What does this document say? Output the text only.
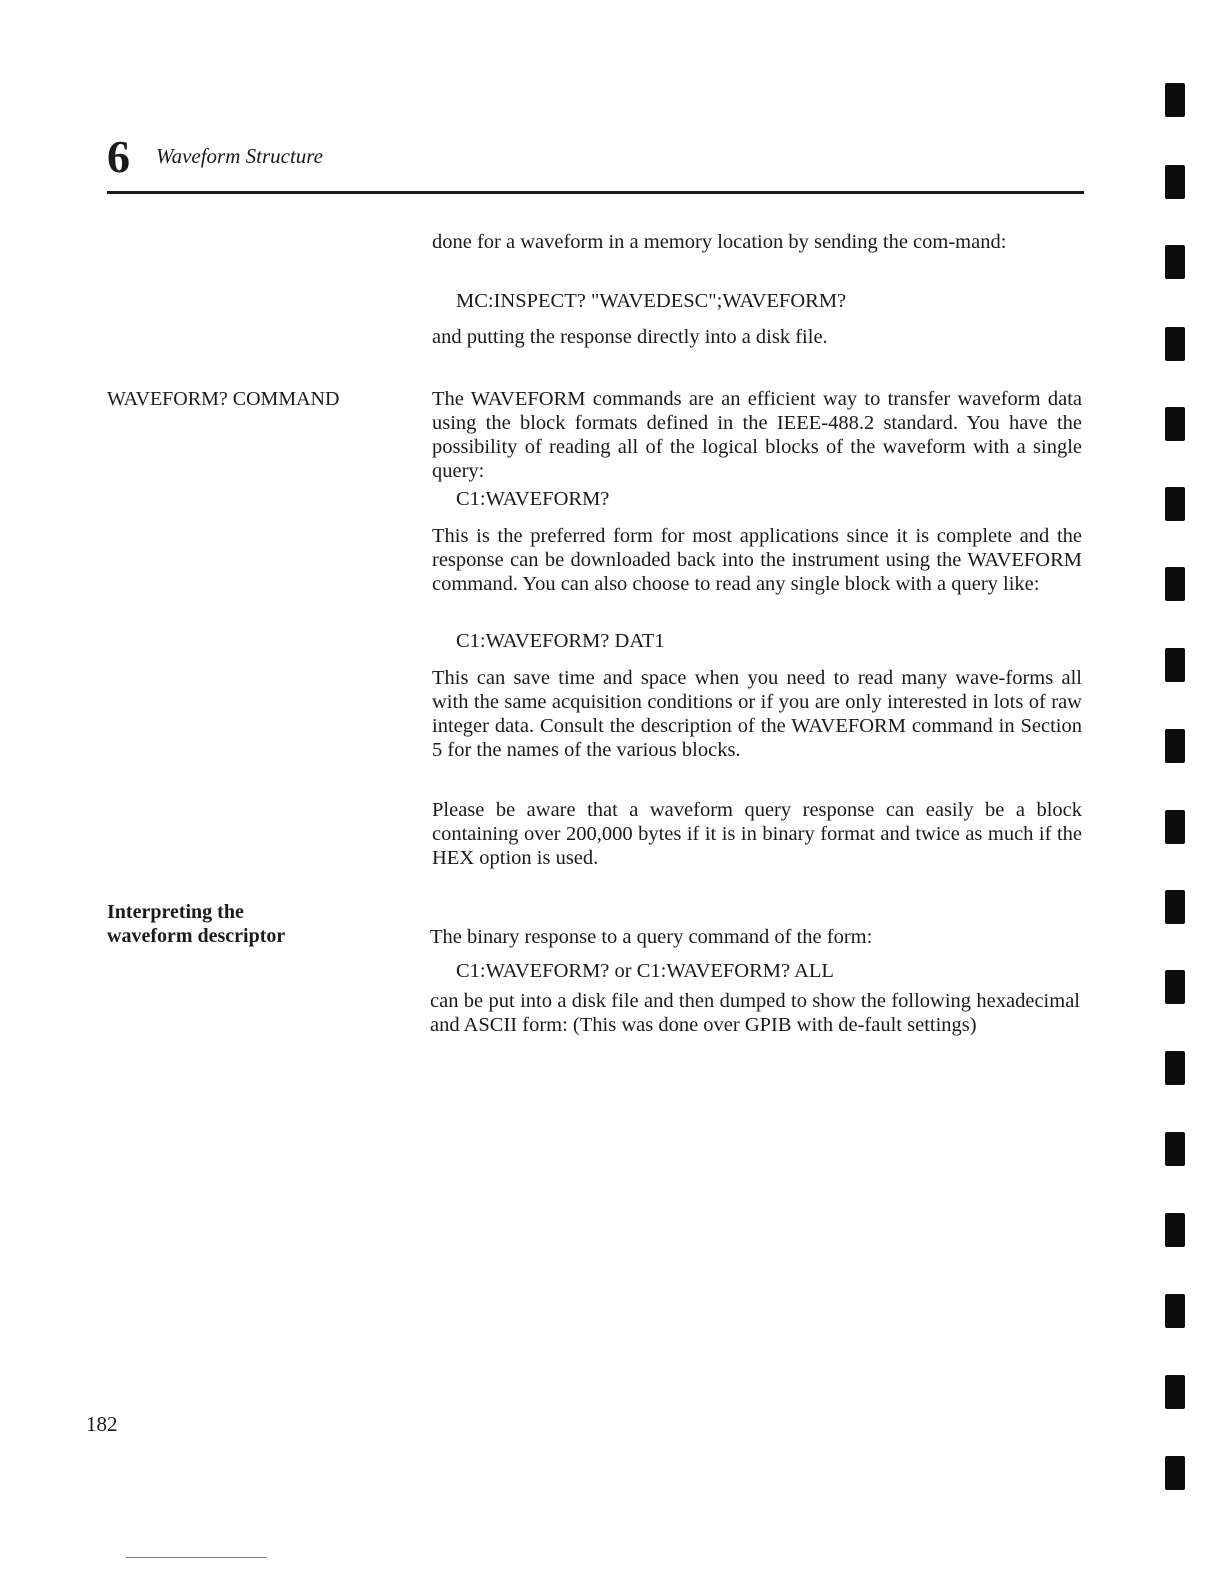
6 Waveform Structure

done for a waveform in a memory location by sending the com-mand:

MC:INSPECT? "WAVEDESC";WAVEFORM?

and putting the response directly into a disk file.

WAVEFORM? COMMAND	The WAVEFORM commands are an efficient way to transfer waveform data using the block formats defined in the IEEE-488.2 standard. You have the possibility of reading all of the logical blocks of the waveform with a single query:

C1:WAVEFORM?

This is the preferred form for most applications since it is complete and the response can be downloaded back into the instrument using the WAVEFORM command. You can also choose to read any single block with a query like:

C1:WAVEFORM? DAT1

This can save time and space when you need to read many wave-forms all with the same acquisition conditions or if you are only interested in lots of raw integer data. Consult the description of the WAVEFORM command in Section 5 for the names of the various blocks.

Please be aware that a waveform query response can easily be a block containing over 200,000 bytes if it is in binary format and twice as much if the HEX option is used.

Interpreting the

waveform descriptor	The binary response to a query command of the form:

C1:WAVEFORM? or C1:WAVEFORM? ALL

can be put into a disk file and then dumped to show the following hexadecimal and ASCII form: (This was done over GPIB with de-fault settings)

182
